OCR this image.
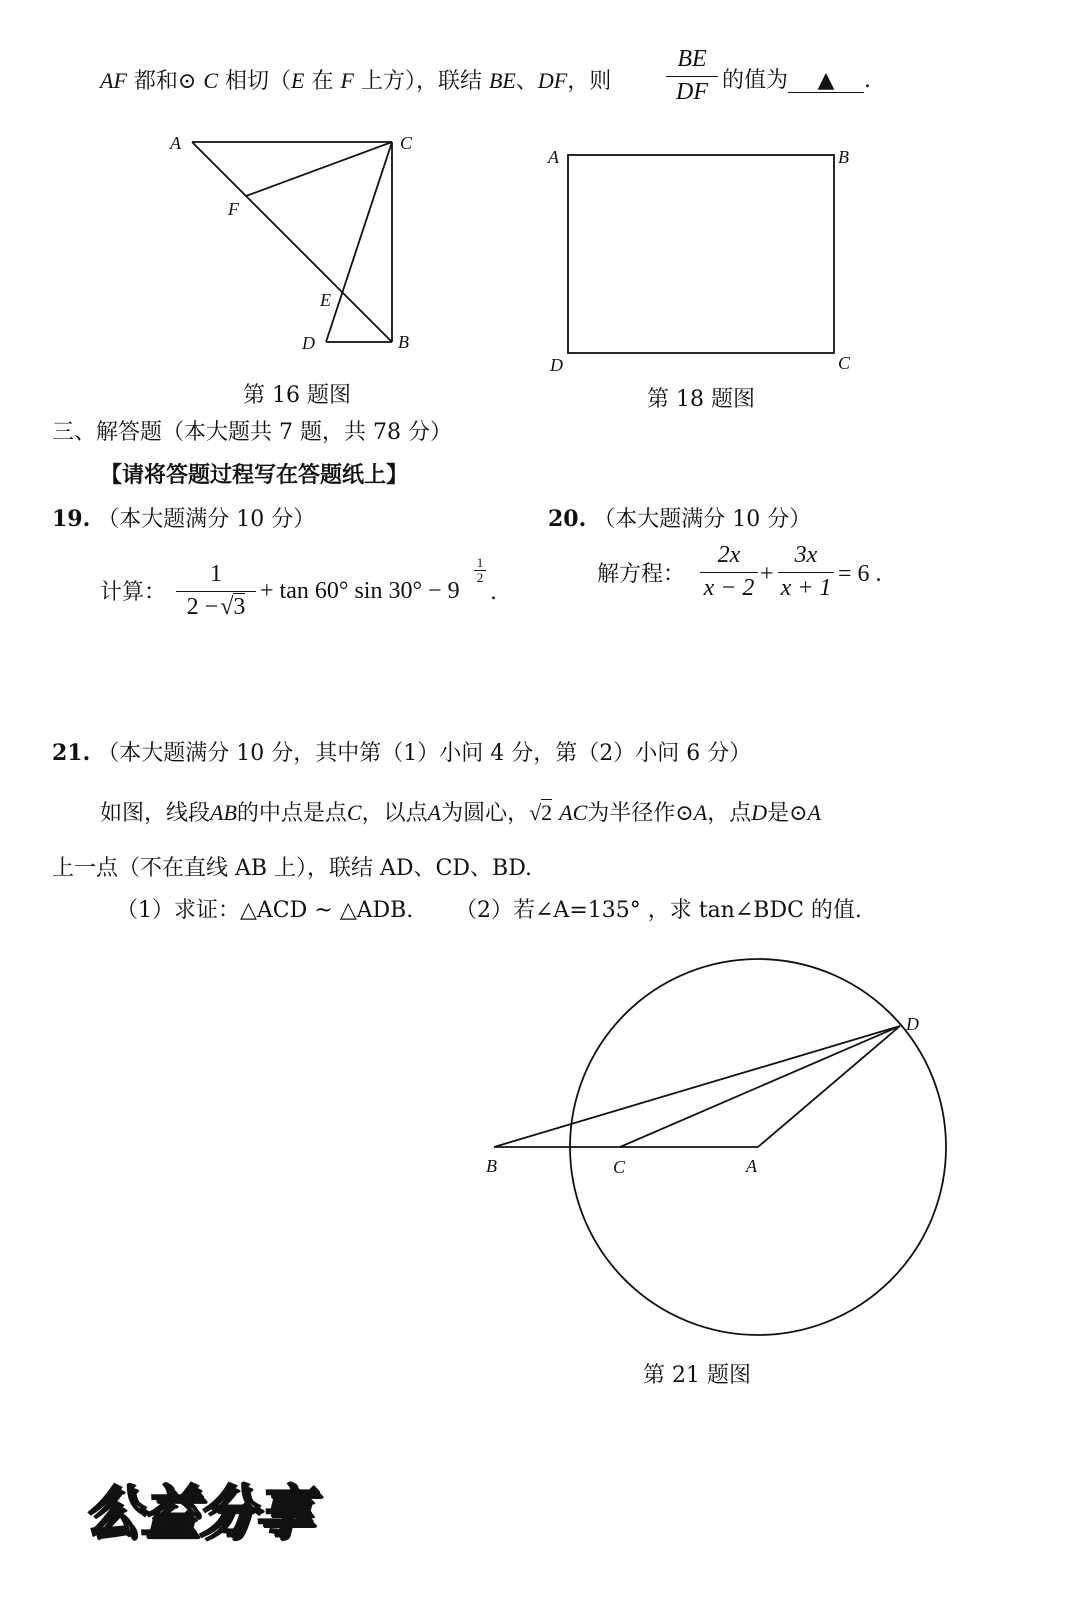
AF 都和⊙ C 相切（E 在 F 上方），联结 BE、DF，则
BE
DF 的值为 ▲ .
A	C
F
E
D	B
第 16 题图
A	B
D	C
第 18 题图
三、解答题（本大题共 7 题，共 78 分）
【请将答题过程写在答题纸上】
19. （本大题满分 10 分）
计算：
1
2 −√3
+ tan 60° sin 30° − 9
1
2
.
20. （本大题满分 10 分）
解方程：
2x
x − 2
+
3x
x + 1
= 6 .
21. （本大题满分 10 分，其中第（1）小问 4 分，第（2）小问 6 分）
如图，线段AB的中点是点C，以点A为圆心，√2 AC为半径作⊙A，点D是⊙A
上一点（不在直线 AB 上），联结 AD、CD、BD.
（1）求证：△ACD ~ △ADB. （2）若∠A=135° ，求 tan∠BDC 的值.
B	C	A
D
第 21 题图
公益分享
